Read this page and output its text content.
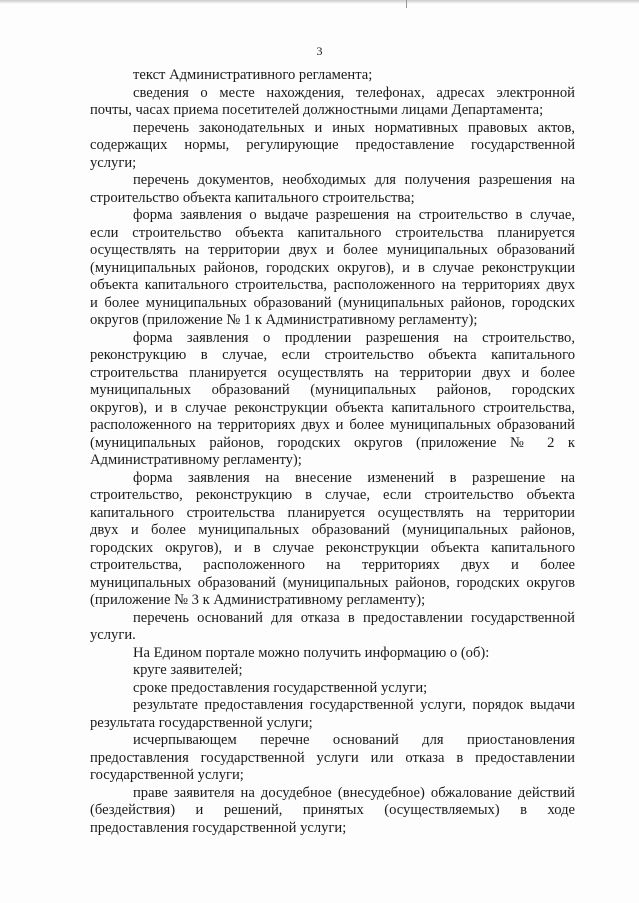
3
текст Административного регламента;
сведения о месте нахождения, телефонах, адресах электронной
почты, часах приема посетителей должностными лицами Департамента;
перечень законодательных и иных нормативных правовых актов,
содержащих нормы, регулирующие предоставление государственной
услуги;
перечень документов, необходимых для получения разрешения на
строительство объекта капитального строительства;
форма заявления о выдаче разрешения на строительство в случае,
если строительство объекта капитального строительства планируется
осуществлять на территории двух и более муниципальных образований
(муниципальных районов, городских округов), и в случае реконструкции
объекта капитального строительства, расположенного на территориях двух
и более муниципальных образований (муниципальных районов, городских
округов (приложение № 1 к Административному регламенту);
форма заявления о продлении разрешения на строительство,
реконструкцию в случае, если строительство объекта капитального
строительства планируется осуществлять на территории двух и более
муниципальных образований (муниципальных районов, городских
округов), и в случае реконструкции объекта капитального строительства,
расположенного на территориях двух и более муниципальных образований
(муниципальных районов, городских округов (приложение № 2 к
Административному регламенту);
форма заявления на внесение изменений в разрешение на
строительство, реконструкцию в случае, если строительство объекта
капитального строительства планируется осуществлять на территории
двух и более муниципальных образований (муниципальных районов,
городских округов), и в случае реконструкции объекта капитального
строительства, расположенного на территориях двух и более
муниципальных образований (муниципальных районов, городских округов
(приложение № 3 к Административному регламенту);
перечень оснований для отказа в предоставлении государственной
услуги.
На Едином портале можно получить информацию о (об):
круге заявителей;
сроке предоставления государственной услуги;
результате предоставления государственной услуги, порядок выдачи
результата государственной услуги;
исчерпывающем перечне оснований для приостановления
предоставления государственной услуги или отказа в предоставлении
государственной услуги;
праве заявителя на досудебное (внесудебное) обжалование действий
(бездействия) и решений, принятых (осуществляемых) в ходе
предоставления государственной услуги;
